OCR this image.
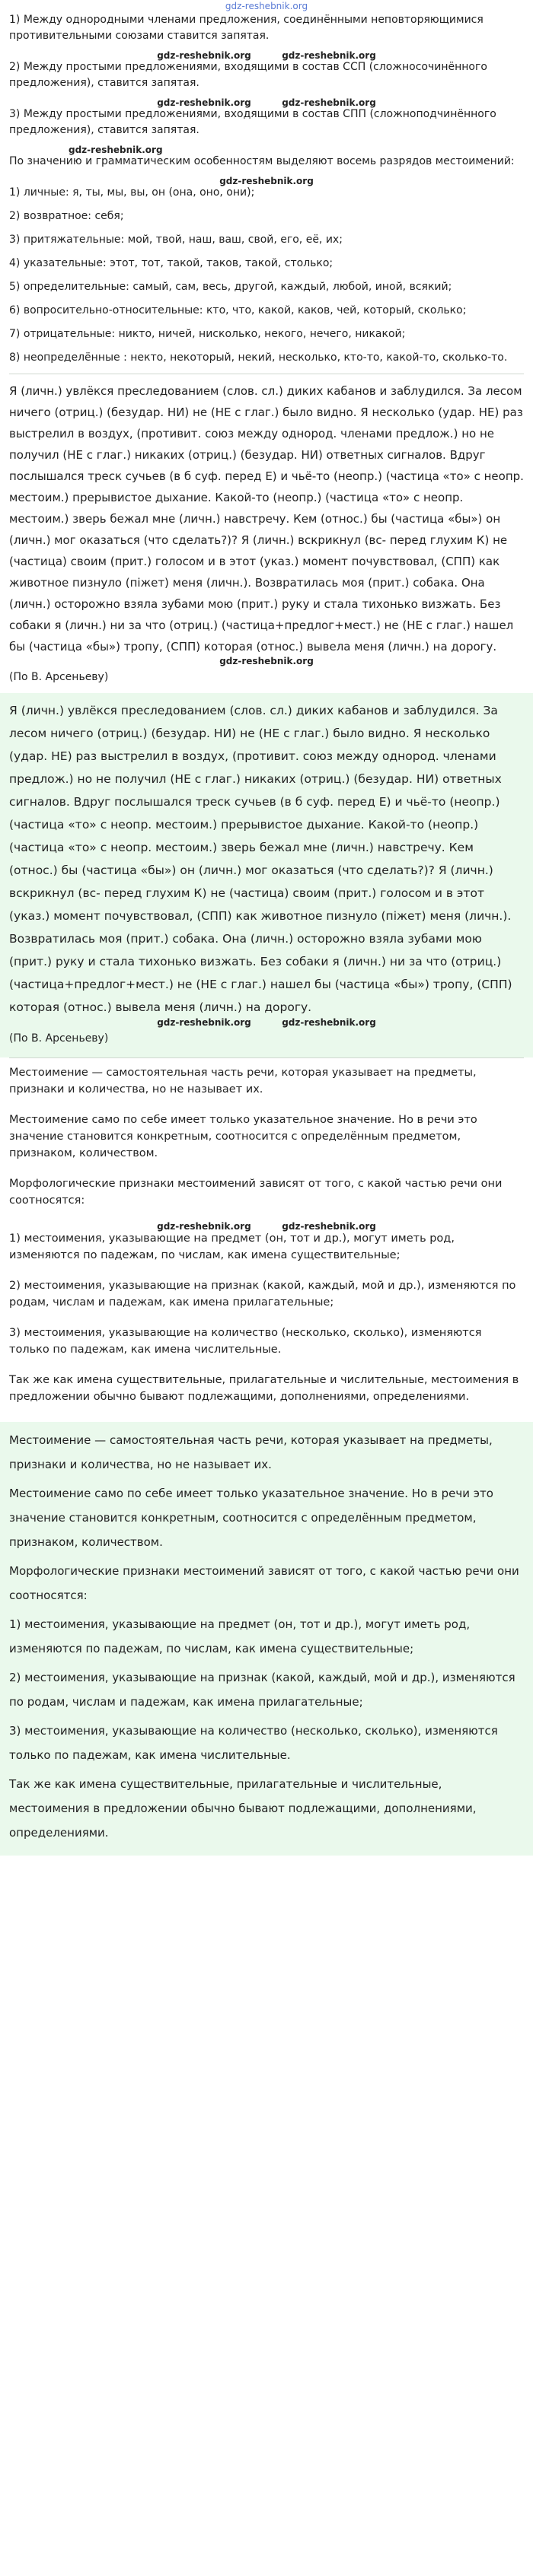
gdz-reshebnik.org

1) Между однородными членами предложения, соединёнными неповторяющимися противительными союзами ставится запятая.

gdz-reshebnik.org	gdz-reshebnik.org

2) Между простыми предложениями, входящими в состав ССП (сложносочинённого предложения), ставится запятая.

gdz-reshebnik.org	gdz-reshebnik.org

3) Между простыми предложениями, входящими в состав СПП (сложноподчинённого предложения), ставится запятая.

gdz-reshebnik.org

По значению и грамматическим особенностям выделяют восемь разрядов местоимений:

gdz-reshebnik.org

1) личные: я, ты, мы, вы, он (она, оно, они);

2) возвратное: себя;

3) притяжательные: мой, твой, наш, ваш, свой, его, её, их;

4) указательные: этот, тот, такой, таков, такой, столько;

5) определительные: самый, сам, весь, другой, каждый, любой, иной, всякий;

6) вопросительно-относительные: кто, что, какой, каков, чей, который, сколько;

7) отрицательные: никто, ничей, нисколько, некого, нечего, никакой;

8) неопределённые : некто, некоторый, некий, несколько, кто-то, какой-то, сколько-то.

Я (личн.) увлёкся преследованием (слов. сл.) диких кабанов и заблудился. За лесом ничего (отриц.) (безудар. НИ) не (НЕ с глаг.) было видно. Я несколько (удар. НЕ) раз выстрелил в воздух, (противит. союз между однород. членами предлож.) но не получил (НЕ с глаг.) никаких (отриц.) (безудар. НИ) ответных сигналов. Вдруг послышался треск сучьев (в б суф. перед Е) и чьё-то (неопр.) (частица «то» с неопр. местоим.) прерывистое дыхание. Какой-то (неопр.) (частица «то» с неопр. местоим.) зверь бежал мне (личн.) навстречу. Кем (относ.) бы (частица «бы») он (личн.) мог оказаться (что сделать?)? Я (личн.) вскрикнул (вс- перед глухим К) не (частица) своим (прит.) голосом и в этот (указ.) момент почувствовал, (СПП) как животное пизнуло (піжет) меня (личн.). Возвратилась моя (прит.) собака. Она (личн.) осторожно взяла зубами мою (прит.) руку и стала тихонько визжать. Без собаки я (личн.) ни за что (отриц.) (частица+предлог+мест.) не (НЕ с глаг.) нашел бы (частица «бы») тропу, (СПП) которая (относ.) вывела меня (личн.) на дорогу.
gdz-reshebnik.org

(По В. Арсеньеву)

Я (личн.) увлёкся преследованием (слов. сл.) диких кабанов и заблудился. За лесом ничего (отриц.) (безудар. НИ) не (НЕ с глаг.) было видно. Я несколько (удар. НЕ) раз выстрелил в воздух, (противит. союз между однород. членами предлож.) но не получил (НЕ с глаг.) никаких (отриц.) (безудар. НИ) ответных сигналов. Вдруг послышался треск сучьев (в б суф. перед Е) и чьё-то (неопр.) (частица «то» с неопр. местоим.) прерывистое дыхание. Какой-то (неопр.) (частица «то» с неопр. местоим.) зверь бежал мне (личн.) навстречу. Кем (относ.) бы (частица «бы») он (личн.) мог оказаться (что сделать?)? Я (личн.) вскрикнул (вс- перед глухим К) не (частица) своим (прит.) голосом и в этот (указ.) момент почувствовал, (СПП) как животное пизнуло (піжет) меня (личн.). Возвратилась моя (прит.) собака. Она (личн.) осторожно взяла зубами мою (прит.) руку и стала тихонько визжать. Без собаки я (личн.) ни за что (отриц.) (частица+предлог+мест.) не (НЕ с глаг.) нашел бы (частица «бы») тропу, (СПП) которая (относ.) вывела меня (личн.) на дорогу.
gdz-reshebnik.org	gdz-reshebnik.org

(По В. Арсеньеву)

Местоимение — самостоятельная часть речи, которая указывает на предметы, признаки и количества, но не называет их.

Местоимение само по себе имеет только указательное значение. Но в речи это значение становится конкретным, соотносится с определённым предметом, признаком, количеством.

Морфологические признаки местоимений зависят от того, с какой частью речи они соотносятся:

gdz-reshebnik.org	gdz-reshebnik.org

1) местоимения, указывающие на предмет (он, тот и др.), могут иметь род, изменяются по падежам, по числам, как имена существительные;

2) местоимения, указывающие на признак (какой, каждый, мой и др.), изменяются по родам, числам и падежам, как имена прилагательные;

3) местоимения, указывающие на количество (несколько, сколько), изменяются только по падежам, как имена числительные.

Так же как имена существительные, прилагательные и числительные, местоимения в предложении обычно бывают подлежащими, дополнениями, определениями.

Местоимение — самостоятельная часть речи, которая указывает на предметы, признаки и количества, но не называет их.

Местоимение само по себе имеет только указательное значение. Но в речи это значение становится конкретным, соотносится с определённым предметом, признаком, количеством.

Морфологические признаки местоимений зависят от того, с какой частью речи они соотносятся:

1) местоимения, указывающие на предмет (он, тот и др.), могут иметь род, изменяются по падежам, по числам, как имена существительные;

2) местоимения, указывающие на признак (какой, каждый, мой и др.), изменяются по родам, числам и падежам, как имена прилагательные;

3) местоимения, указывающие на количество (несколько, сколько), изменяются только по падежам, как имена числительные.

Так же как имена существительные, прилагательные и числительные, местоимения в предложении обычно бывают подлежащими, дополнениями, определениями.
